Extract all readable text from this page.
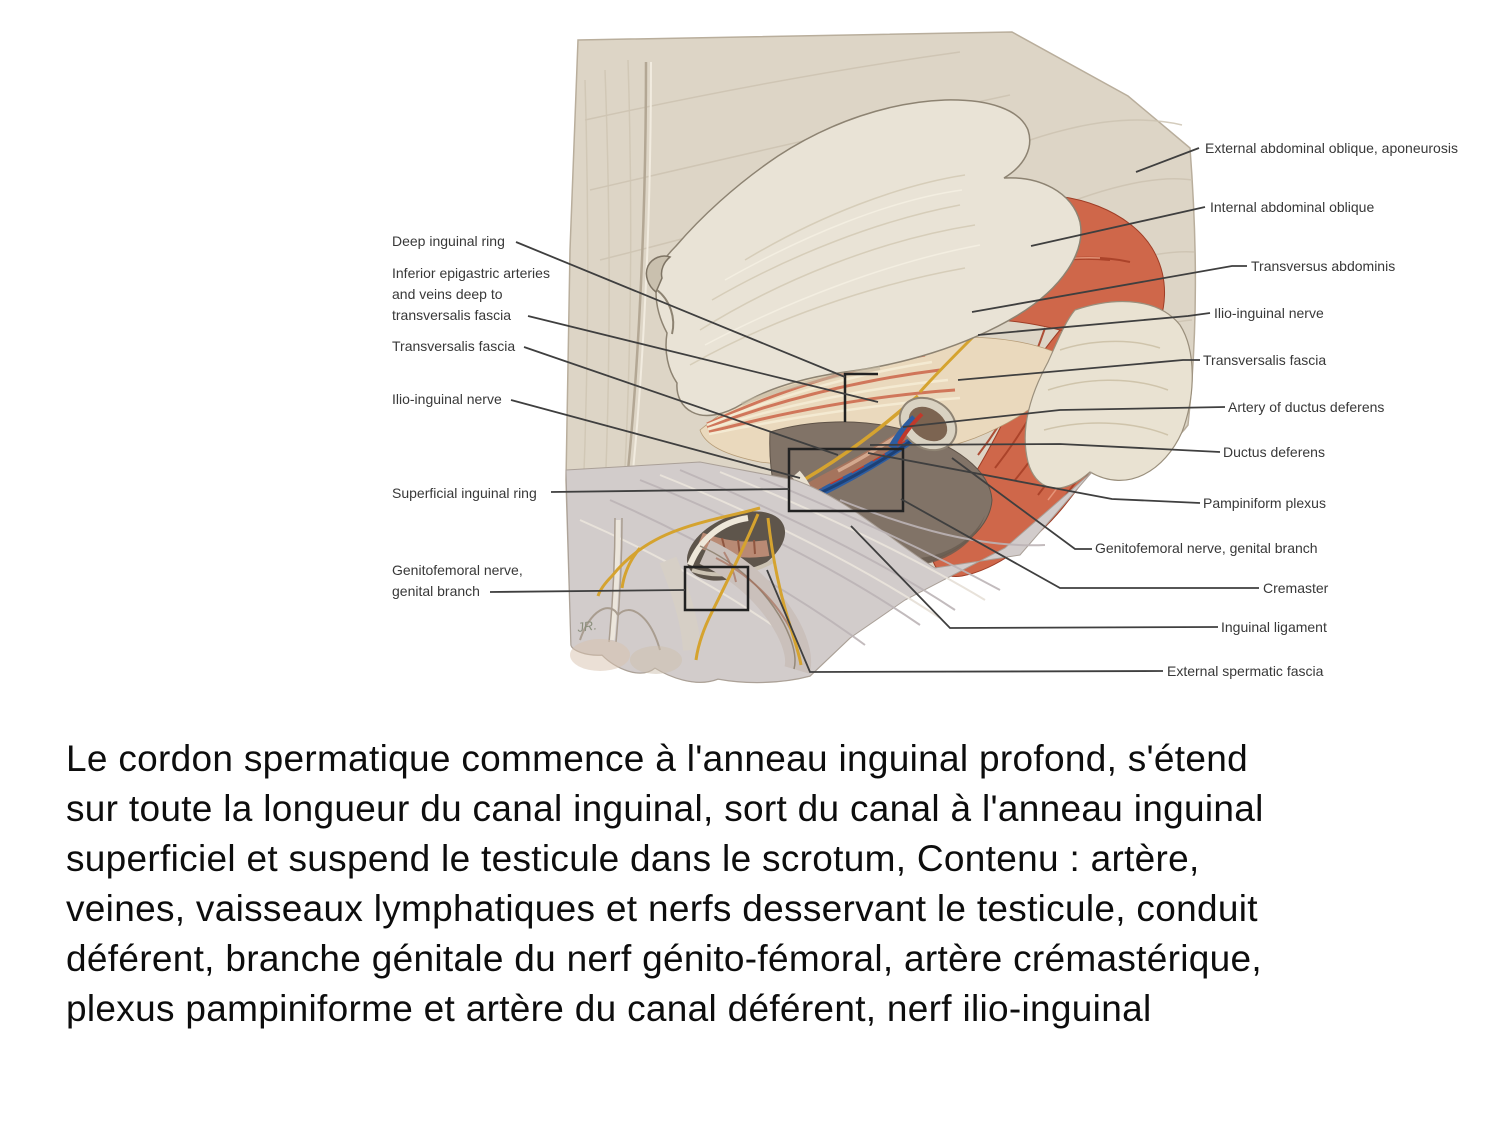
JR.
Deep inguinal ring
Inferior epigastric arteries
and veins deep to
transversalis fascia
Transversalis fascia
Ilio-inguinal nerve
Superficial inguinal ring
Genitofemoral nerve,
genital branch
External abdominal oblique, aponeurosis
Internal abdominal oblique
Transversus abdominis
Ilio-inguinal nerve
Transversalis fascia
Artery of ductus deferens
Ductus deferens
Pampiniform plexus
Genitofemoral nerve, genital branch
Cremaster
Inguinal ligament
External spermatic fascia
Le cordon spermatique commence à l'anneau inguinal profond, s'étend
sur toute la longueur du canal inguinal, sort du canal à l'anneau inguinal
superficiel et suspend le testicule dans le scrotum, Contenu : artère,
veines, vaisseaux lymphatiques et nerfs desservant le testicule, conduit
déférent, branche génitale du nerf génito-fémoral, artère crémastérique,
plexus pampiniforme et artère du canal déférent, nerf ilio-inguinal
